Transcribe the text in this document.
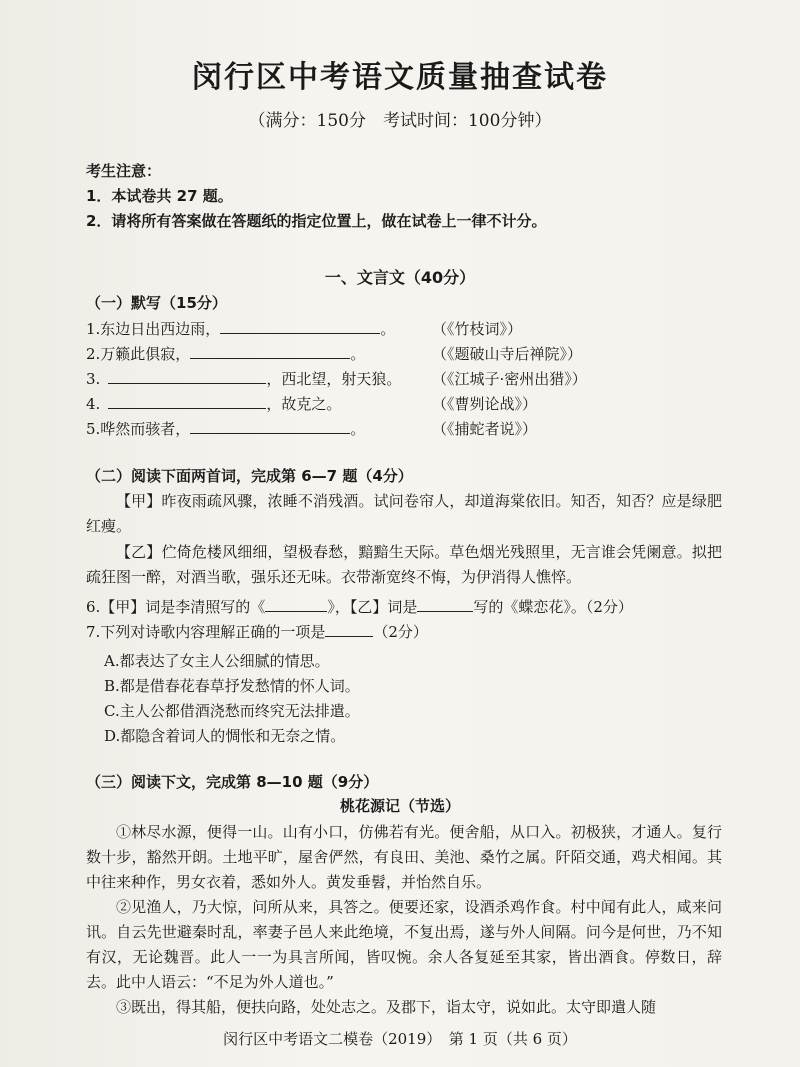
闵行区中考语文质量抽查试卷
（满分：150分　考试时间：100分钟）
考生注意：
1．本试卷共 27 题。
2．请将所有答案做在答题纸的指定位置上，做在试卷上一律不计分。
一、文言文（40分）
（一）默写（15分）
1.东边日出西边雨，	。 （《竹枝词》）
2.万籁此俱寂，	。	（《题破山寺后禅院》）
3.	，西北望，射天狼。 （《江城子·密州出猎》）
4.	，故克之。	（《曹刿论战》）
5.哗然而骇者，	。	（《捕蛇者说》）
（二）阅读下面两首词，完成第 6—7 题（4分）
【甲】昨夜雨疏风骤，浓睡不消残酒。试问卷帘人，却道海棠依旧。知否，知否？应是绿肥红瘦。
【乙】伫倚危楼风细细，望极春愁，黯黯生天际。草色烟光残照里，无言谁会凭阑意。拟把疏狂图一醉，对酒当歌，强乐还无味。衣带渐宽终不悔，为伊消得人憔悴。
6.【甲】词是李清照写的《	》，【乙】词是	写的《蝶恋花》。（2分）
7.下列对诗歌内容理解正确的一项是	（2分）
A.都表达了女主人公细腻的情思。
B.都是借春花春草抒发愁情的怀人词。
C.主人公都借酒浇愁而终究无法排遣。
D.都隐含着词人的惆怅和无奈之情。
（三）阅读下文，完成第 8—10 题（9分）
桃花源记（节选）
①林尽水源，便得一山。山有小口，仿佛若有光。便舍船，从口入。初极狭，才通人。复行数十步，豁然开朗。土地平旷，屋舍俨然，有良田、美池、桑竹之属。阡陌交通，鸡犬相闻。其中往来种作，男女衣着，悉如外人。黄发垂髫，并怡然自乐。
②见渔人，乃大惊，问所从来，具答之。便要还家，设酒杀鸡作食。村中闻有此人，咸来问讯。自云先世避秦时乱，率妻子邑人来此绝境，不复出焉，遂与外人间隔。问今是何世，乃不知有汉，无论魏晋。此人一一为具言所闻，皆叹惋。余人各复延至其家，皆出酒食。停数日，辞去。此中人语云：“不足为外人道也。”
③既出，得其船，便扶向路，处处志之。及郡下，诣太守，说如此。太守即遣人随
闵行区中考语文二模卷（2019）　第 1 页（共 6 页）
